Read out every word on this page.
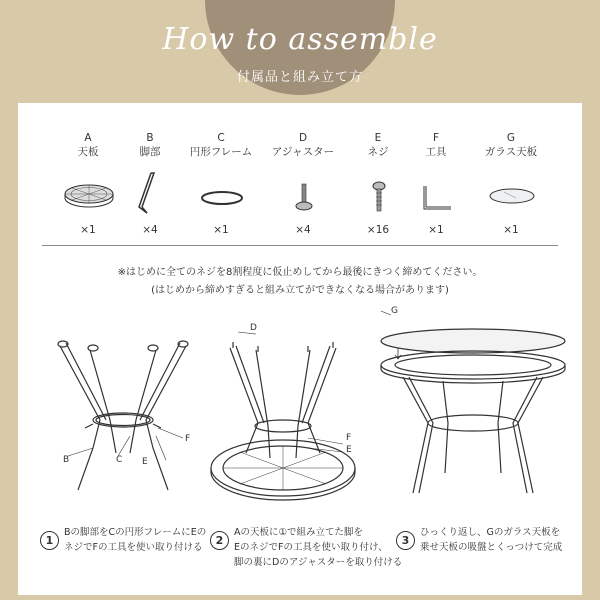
How to assemble
付属品と組み立て方
A
天板
×1
B
脚部
×4
C
円形フレーム
×1
D
アジャスター
×4
E
ネジ
×16
F
工具
×1
G
ガラス天板
×1
※はじめに全てのネジを8割程度に仮止めしてから最後にきつく締めてください。
(はじめから締めすぎると組み立てができなくなる場合があります)
B	C E
F
D
F
E
G
1
Bの脚部をCの円形フレームにEの
ネジでFの工具を使い取り付ける
2
Aの天板に①で組み立てた脚を
EのネジでFの工具を使い取り付け、
脚の裏にDのアジャスターを取り付ける
3
ひっくり返し、Gのガラス天板を
乗せ天板の吸盤とくっつけて完成
